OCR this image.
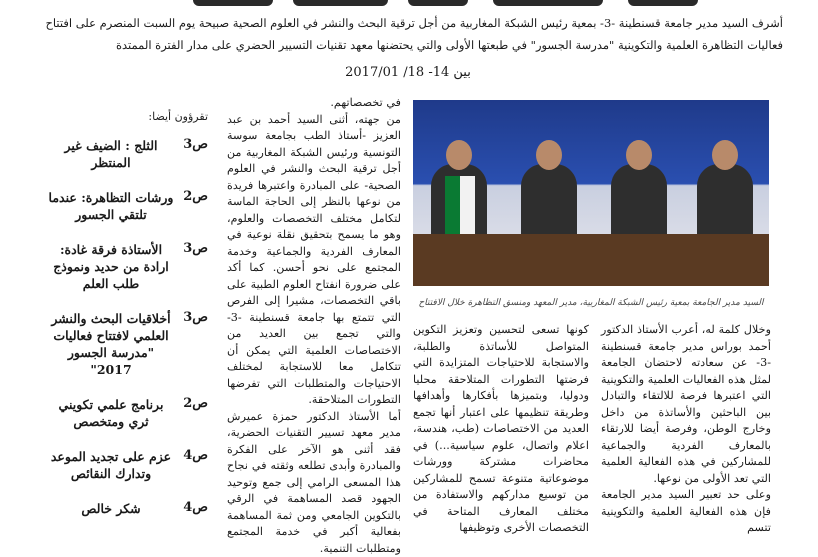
أشرف السيد مدير جامعة قسنطينة -3- بمعية رئيس الشبكة المغاربية من أجل ترقية البحث والنشر في العلوم الصحية صبيحة يوم السبت المنصرم على افتتاح فعاليات التظاهرة العلمية والتكوينية "مدرسة الجسور" في طبعتها الأولى والتي يحتضنها معهد تقنيات التسيير الحضري على مدار الفترة الممتدة
بين 14- 18/ 2017/01
السيد مدير الجامعة بمعية رئيس الشبكة المغاربية، مدير المعهد ومنسق التظاهرة خلال الافتتاح

في تخصصاتهم.

من جهته، أثنى السيد أحمد بن عبد العزيز -أستاذ الطب بجامعة سوسة التونسية ورئيس الشبكة المغاربية من أجل ترقية البحث والنشر في العلوم الصحية- على المبادرة واعتبرها فريدة من نوعها بالنظر إلى الحاجة الماسة لتكامل مختلف التخصصات والعلوم، وهو ما يسمح بتحقيق نقلة نوعية في المعارف الفردية والجماعية وخدمة المجتمع على نحو أحسن. كما أكد على ضرورة انفتاح العلوم الطبية على باقي التخصصات، مشيرا إلى الفرص التي تتمتع بها جامعة قسنطينة -3- والتي تجمع بين العديد من الاختصاصات العلمية التي يمكن أن تتكامل معا للاستجابة لمختلف الاحتياجات والمتطلبات التي تفرضها التطورات المتلاحقة.

أما الأستاذ الدكتور حمزة عميرش مدير معهد تسيير التقنيات الحضرية، فقد أثنى هو الآخر على الفكرة والمبادرة وأبدى تطلعه وثقته في نجاح هذا المسعى الرامي إلى جمع وتوحيد الجهود قصد المساهمة في الرقي بالتكوين الجامعي ومن ثمة المساهمة بفعالية أكبر في خدمة المجتمع ومتطلبات التنمية.

كونها تسعى لتحسين وتعزيز التكوين المتواصل للأساتذة والطلبة، والاستجابة للاحتياجات المتزايدة التي فرضتها التطورات المتلاحقة محليا ودوليا، وبتميزها بأفكارها وأهدافها وطريقة تنظيمها على اعتبار أنها تجمع العديد من الاختصاصات (طب، هندسة، اعلام واتصال، علوم سياسية...) في محاضرات مشتركة وورشات موضوعاتية متنوعة تسمح للمشاركين من توسيع مداركهم والاستفادة من مختلف المعارف المتاحة في التخصصات الأخرى وتوظيفها

وخلال كلمة له، أعرب الأستاذ الدكتور أحمد بوراس مدير جامعة قسنطينة -3- عن سعادته لاحتضان الجامعة لمثل هذه الفعاليات العلمية والتكوينية التي اعتبرها فرصة للالتقاء والتبادل بين الباحثين والأساتذة من داخل وخارج الوطن، وفرصة أيضا للارتقاء بالمعارف الفردية والجماعية للمشاركين في هذه الفعالية العلمية التي تعد الأولى من نوعها.

وعلى حد تعبير السيد مدير الجامعة فإن هذه الفعالية العلمية والتكوينية تتسم

تقرؤون أيضا:
ص3
الثلج : الضيف غير المنتظر
ص2
ورشات التظاهرة: عندما تلتقي الجسور
ص3
الأستاذة فرقة غادة: ارادة من حديد ونموذج طلب العلم
ص3
أخلاقيات البحث والنشر العلمي لافتتاح فعاليات "مدرسة الجسور 2017"
ص2
برنامج علمي تكويني ثري ومتخصص
ص4
عزم على تجديد الموعد وتدارك النقائص
ص4
شكر خالص
